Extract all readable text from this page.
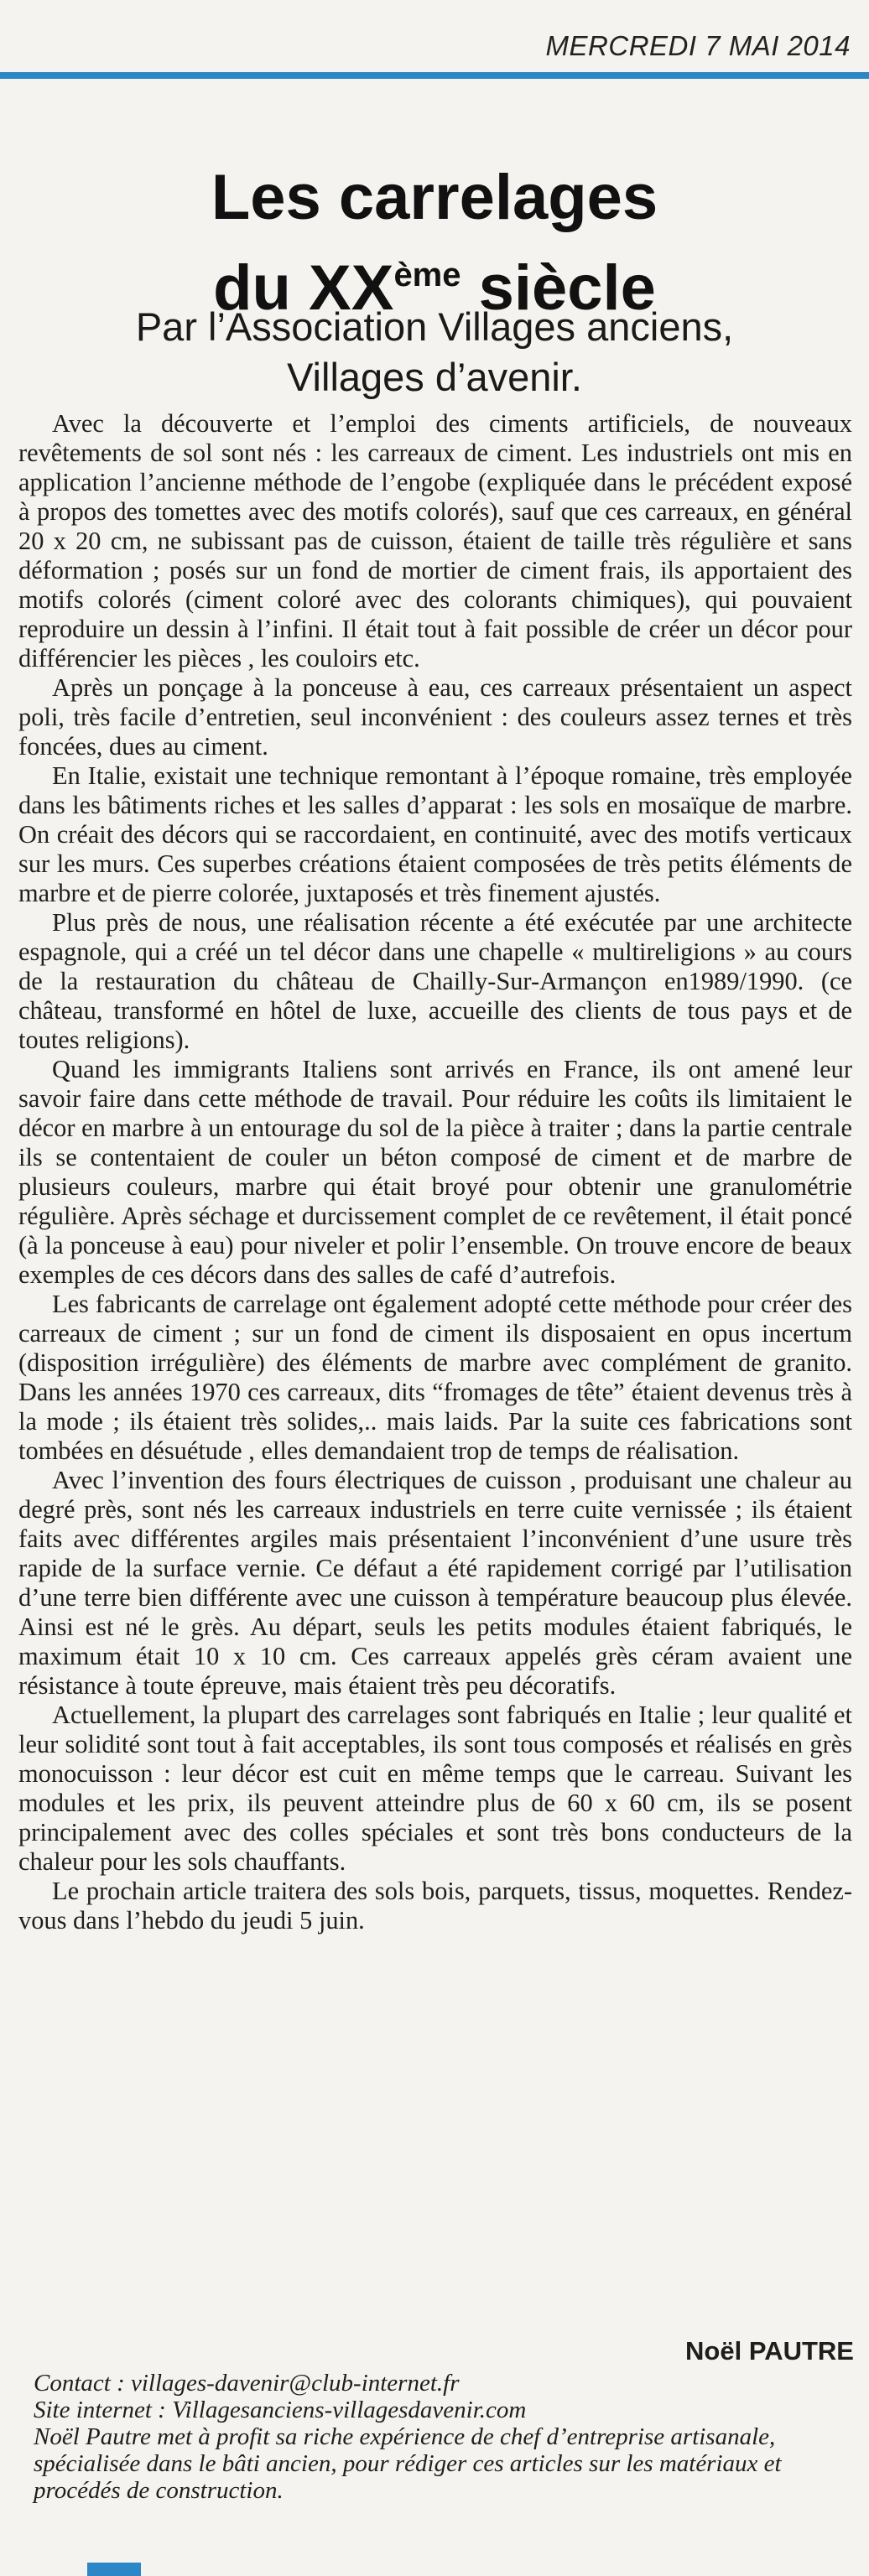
MERCREDI 7 MAI 2014
Les carrelages
du XXème siècle
Par l’Association Villages anciens,
Villages d’avenir.

Avec la découverte et l’emploi des ciments artificiels, de nouveaux revêtements de sol sont nés : les carreaux de ciment. Les industriels ont mis en application l’ancienne méthode de l’engobe (expliquée dans le précédent exposé à propos des tomettes avec des motifs colorés), sauf que ces carreaux, en général 20 x 20 cm, ne subissant pas de cuisson, étaient de taille très régulière et sans déformation ; posés sur un fond de mortier de ciment frais, ils apportaient des motifs colorés (ciment coloré avec des colorants chimiques), qui pouvaient reproduire un dessin à l’infini. Il était tout à fait possible de créer un décor pour différencier les pièces , les couloirs etc.

Après un ponçage à la ponceuse à eau, ces carreaux présentaient un aspect poli, très facile d’entretien, seul inconvénient : des couleurs assez ternes et très foncées, dues au ciment.

En Italie, existait une technique remontant à l’époque romaine, très employée dans les bâtiments riches et les salles d’apparat : les sols en mosaïque de marbre. On créait des décors qui se raccordaient, en continuité, avec des motifs verticaux sur les murs. Ces superbes créations étaient composées de très petits éléments de marbre et de pierre colorée, juxtaposés et très finement ajustés.

Plus près de nous, une réalisation récente a été exécutée par une architecte espagnole, qui a créé un tel décor dans une chapelle « multireligions » au cours de la restauration du château de Chailly-Sur-Armançon en1989/1990. (ce château, transformé en hôtel de luxe, accueille des clients de tous pays et de toutes religions).

Quand les immigrants Italiens sont arrivés en France, ils ont amené leur savoir faire dans cette méthode de travail. Pour réduire les coûts ils limitaient le décor en marbre à un entourage du sol de la pièce à traiter ; dans la partie centrale ils se contentaient de couler un béton composé de ciment et de marbre de plusieurs couleurs, marbre qui était broyé pour obtenir une granulométrie régulière. Après séchage et durcissement complet de ce revêtement, il était poncé (à la ponceuse à eau) pour niveler et polir l’ensemble. On trouve encore de beaux exemples de ces décors dans des salles de café d’autrefois.

Les fabricants de carrelage ont également adopté cette méthode pour créer des carreaux de ciment ; sur un fond de ciment ils disposaient en opus incertum (disposition irrégulière) des éléments de marbre avec complément de granito. Dans les années 1970 ces carreaux, dits “fromages de tête” étaient devenus très à la mode ; ils étaient très solides,.. mais laids. Par la suite ces fabrications sont tombées en désuétude , elles demandaient trop de temps de réalisation.

Avec l’invention des fours électriques de cuisson , produisant une chaleur au degré près, sont nés les carreaux industriels en terre cuite vernissée ; ils étaient faits avec différentes argiles mais présentaient l’inconvénient d’une usure très rapide de la surface vernie. Ce défaut a été rapidement corrigé par l’utilisation d’une terre bien différente avec une cuisson à température beaucoup plus élevée. Ainsi est né le grès. Au départ, seuls les petits modules étaient fabriqués, le maximum était 10 x 10 cm. Ces carreaux appelés grès céram avaient une résistance à toute épreuve, mais étaient très peu décoratifs.

Actuellement, la plupart des carrelages sont fabriqués en Italie ; leur qualité et leur solidité sont tout à fait acceptables, ils sont tous composés et réalisés en grès monocuisson : leur décor est cuit en même temps que le carreau. Suivant les modules et les prix, ils peuvent atteindre plus de 60 x 60 cm, ils se posent principalement avec des colles spéciales et sont très bons conducteurs de la chaleur pour les sols chauffants.

Le prochain article traitera des sols bois, parquets, tissus, moquettes. Rendez-vous dans l’hebdo du jeudi 5 juin.

Noël PAUTRE
Contact : villages-davenir@club-internet.fr
Site internet : Villagesanciens-villagesdavenir.com
Noël Pautre met à profit sa riche expérience de chef d’entreprise artisanale, spécialisée dans le bâti ancien, pour rédiger ces articles sur les matériaux et procédés de construction.
